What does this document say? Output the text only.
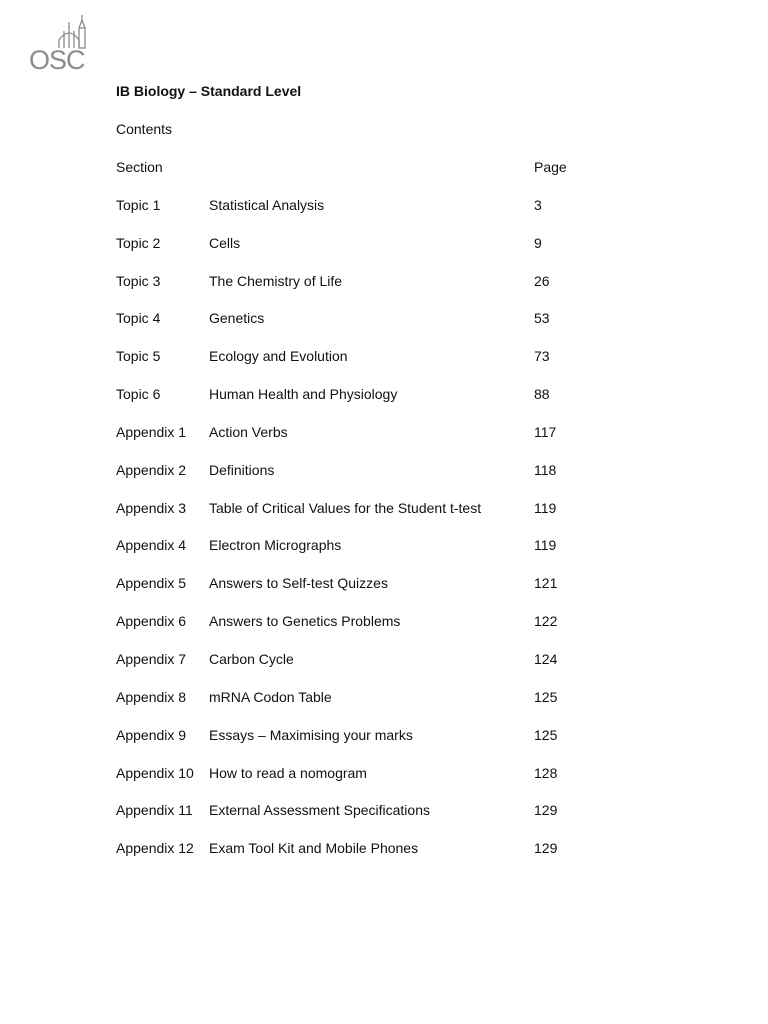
OSC
IB Biology – Standard Level
Contents
Section	Page
Topic 1	Statistical Analysis	3
Topic 2	Cells	9
Topic 3	The Chemistry of Life	26
Topic 4	Genetics	53
Topic 5	Ecology and Evolution	73
Topic 6	Human Health and Physiology	88
Appendix 1 Action Verbs	117
Appendix 2 Definitions	118
Appendix 3 Table of Critical Values for the Student t-test	119
Appendix 4 Electron Micrographs	119
Appendix 5 Answers to Self-test Quizzes	121
Appendix 6 Answers to Genetics Problems	122
Appendix 7 Carbon Cycle	124
Appendix 8 mRNA Codon Table	125
Appendix 9 Essays – Maximising your marks	125
Appendix 10 How to read a nomogram	128
Appendix 11 External Assessment Specifications	129
Appendix 12 Exam Tool Kit and Mobile Phones	129
